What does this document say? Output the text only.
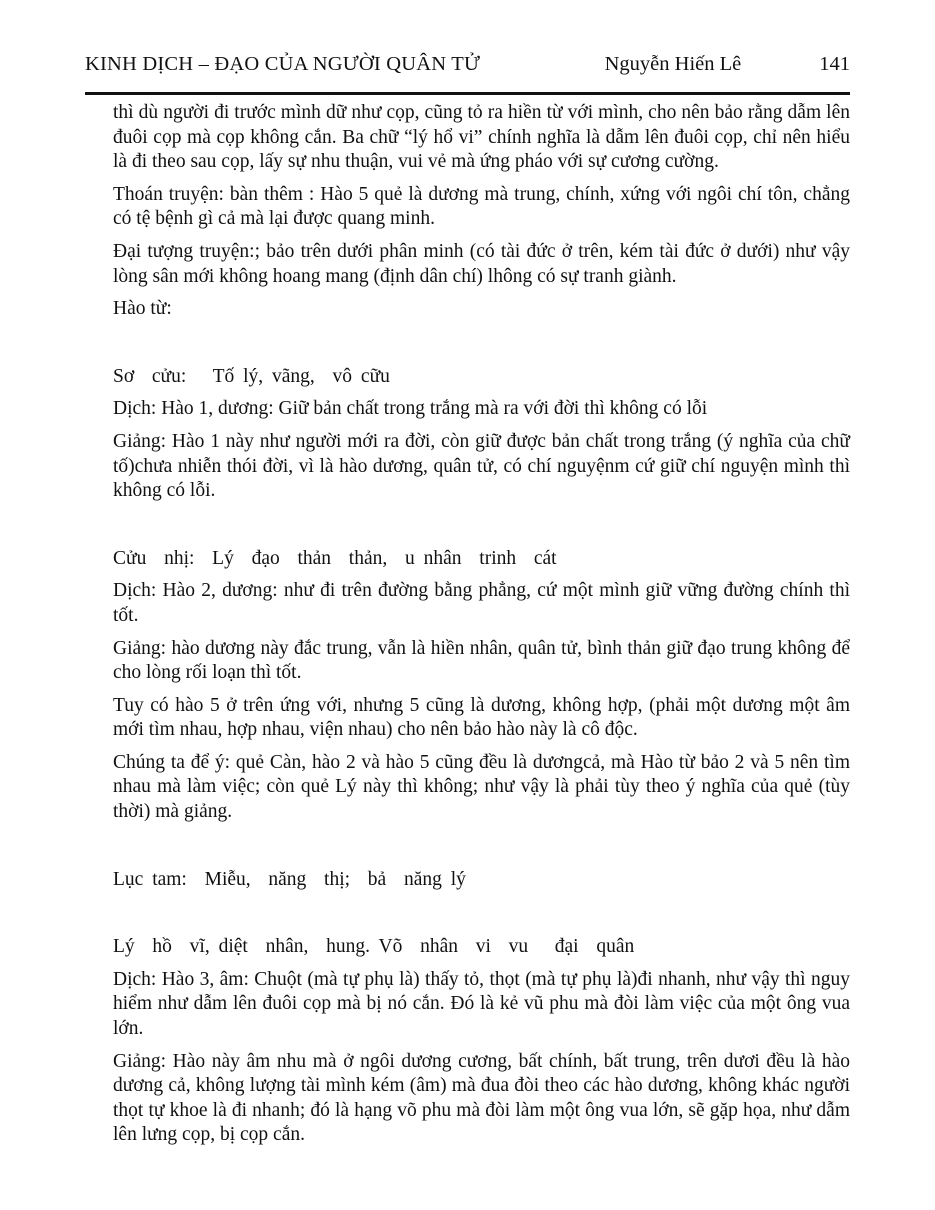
KINH DỊCH – ĐẠO CỦA NGƯỜI QUÂN TỬ	Nguyễn Hiến Lê	141

thì dù người đi trước mình dữ như cọp, cũng tỏ ra hiền từ với mình, cho nên bảo rằng dẫm lên đuôi cọp mà cọp không cắn. Ba chữ “lý hổ vi” chính nghĩa là dẫm lên đuôi cọp, chỉ nên hiểu là đi theo sau cọp, lấy sự nhu thuận, vui vẻ mà ứng pháo với sự cương cường.

Thoán truyện: bàn thêm : Hào 5 quẻ là dương mà trung, chính, xứng với ngôi chí tôn, chẳng có tệ bệnh gì cả mà lại được quang minh.

Đại tượng truyện:; bảo trên dưới phân minh (có tài đức ở trên, kém tài đức ở dưới) như vậy lòng sân mới không hoang mang (định dân chí) lhông có sự tranh giành.

Hào từ:

Sơ  cửu:   Tố lý, vãng,  vô cữu

Dịch: Hào 1, dương: Giữ bản chất trong trắng mà ra với đời thì không có lỗi

Giảng: Hào 1 này như người mới ra đời, còn giữ được bản chất trong trắng (ý nghĩa của chữ tố)chưa nhiễn thói đời, vì là hào dương, quân tử, có chí nguyệnm cứ giữ chí nguyện mình thì không có lỗi.

Cửu  nhị:  Lý  đạo  thản  thản,  u nhân  trinh  cát

Dịch: Hào 2, dương: như đi trên đường bằng phẳng, cứ một mình giữ vững đường chính thì tốt.

Giảng: hào dương này đắc trung, vẫn là hiền nhân, quân tử, bình thản giữ đạo trung không để cho lòng rối loạn thì tốt.

Tuy có hào 5 ở trên ứng với, nhưng 5 cũng là dương, không hợp, (phải một dương một âm mới tìm nhau, hợp nhau, viện nhau) cho nên bảo hào này là cô độc.

Chúng ta để ý: quẻ Càn, hào 2 và hào 5 cũng đều là dươngcả, mà Hào từ bảo 2 và 5 nên tìm nhau mà làm việc; còn quẻ Lý này thì không; như vậy là phải tùy theo ý nghĩa của quẻ (tùy thời) mà giảng.

Lục tam:  Miễu,  năng  thị;  bả  năng lý

Lý  hồ  vĩ, diệt  nhân,  hung. Võ  nhân  vi  vu   đại  quân

Dịch: Hào 3, âm: Chuột (mà tự phụ là) thấy tỏ, thọt (mà tự phụ là)đi nhanh, như vậy thì nguy hiểm như dẫm lên đuôi cọp mà bị nó cắn. Đó là kẻ vũ phu mà đòi làm việc của một ông vua lớn.

Giảng: Hào này âm nhu mà ở ngôi dương cương, bất chính, bất trung, trên dươi đều là hào dương cả, không lượng tài mình kém (âm) mà đua đòi theo các hào dương, không khác người thọt tự khoe là đi nhanh; đó là hạng võ phu mà đòi làm một ông vua lớn, sẽ gặp họa, như dẫm lên lưng cọp, bị cọp cắn.
